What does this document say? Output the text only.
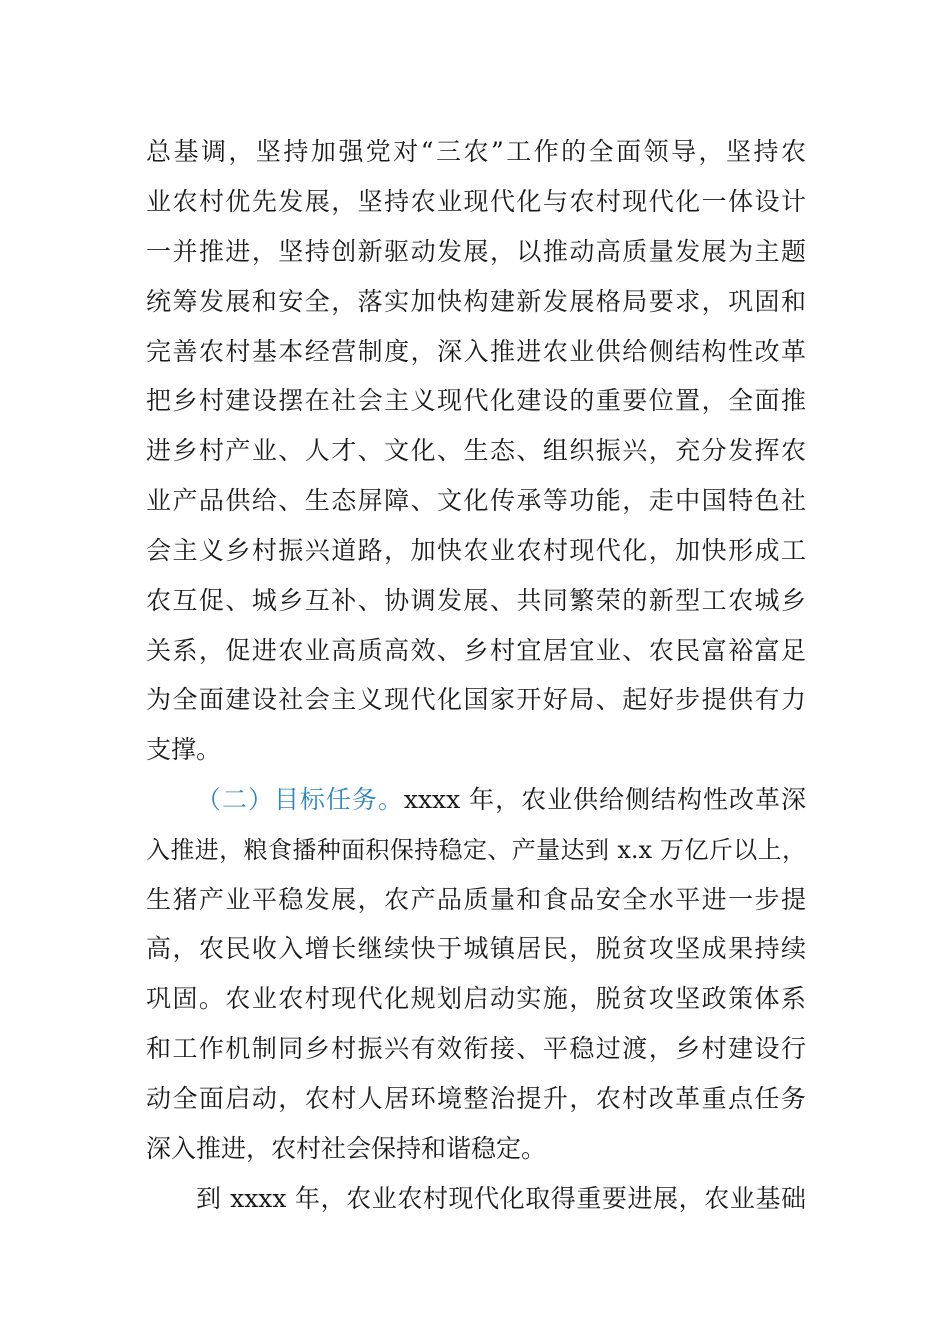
总基调，坚持加强党对“三农”工作的全面领导，坚持农
业农村优先发展，坚持农业现代化与农村现代化一体设计
一并推进，坚持创新驱动发展，以推动高质量发展为主题
统筹发展和安全，落实加快构建新发展格局要求，巩固和
完善农村基本经营制度，深入推进农业供给侧结构性改革
把乡村建设摆在社会主义现代化建设的重要位置，全面推
进乡村产业、人才、文化、生态、组织振兴，充分发挥农
业产品供给、生态屏障、文化传承等功能，走中国特色社
会主义乡村振兴道路，加快农业农村现代化，加快形成工
农互促、城乡互补、协调发展、共同繁荣的新型工农城乡
关系，促进农业高质高效、乡村宜居宜业、农民富裕富足
为全面建设社会主义现代化国家开好局、起好步提供有力
支撑。
（二）目标任务。xxxx 年，农业供给侧结构性改革深
入推进，粮食播种面积保持稳定、产量达到 x.x 万亿斤以上，
生猪产业平稳发展，农产品质量和食品安全水平进一步提
高，农民收入增长继续快于城镇居民，脱贫攻坚成果持续
巩固。农业农村现代化规划启动实施，脱贫攻坚政策体系
和工作机制同乡村振兴有效衔接、平稳过渡，乡村建设行
动全面启动，农村人居环境整治提升，农村改革重点任务
深入推进，农村社会保持和谐稳定。
到 xxxx 年，农业农村现代化取得重要进展，农业基础
